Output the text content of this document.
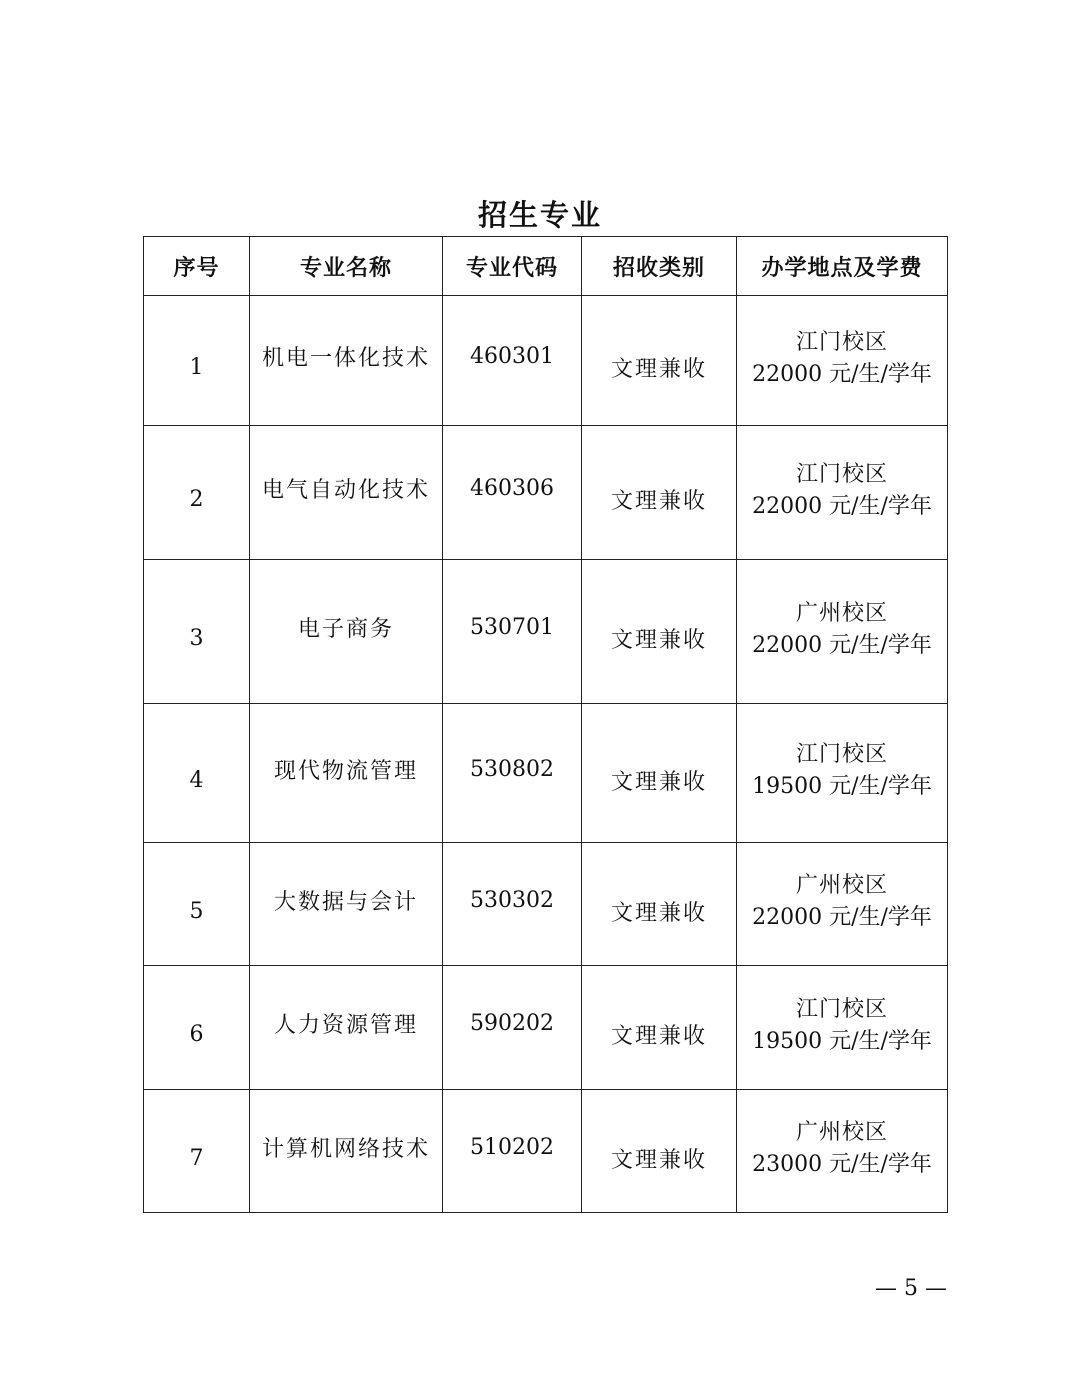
招生专业
序号	专业名称	专业代码	招收类别	办学地点及学费
1	机电一体化技术	460301	文理兼收	江门校区
22000 元/生/学年

2	电气自动化技术	460306	文理兼收	江门校区
22000 元/生/学年

3	电子商务	530701	文理兼收	广州校区
22000 元/生/学年

4	现代物流管理	530802	文理兼收	江门校区
19500 元/生/学年

5	大数据与会计	530302	文理兼收	广州校区
22000 元/生/学年

6	人力资源管理	590202	文理兼收	江门校区
19500 元/生/学年

7	计算机网络技术	510202	文理兼收	广州校区
23000 元/生/学年
— 5 —
